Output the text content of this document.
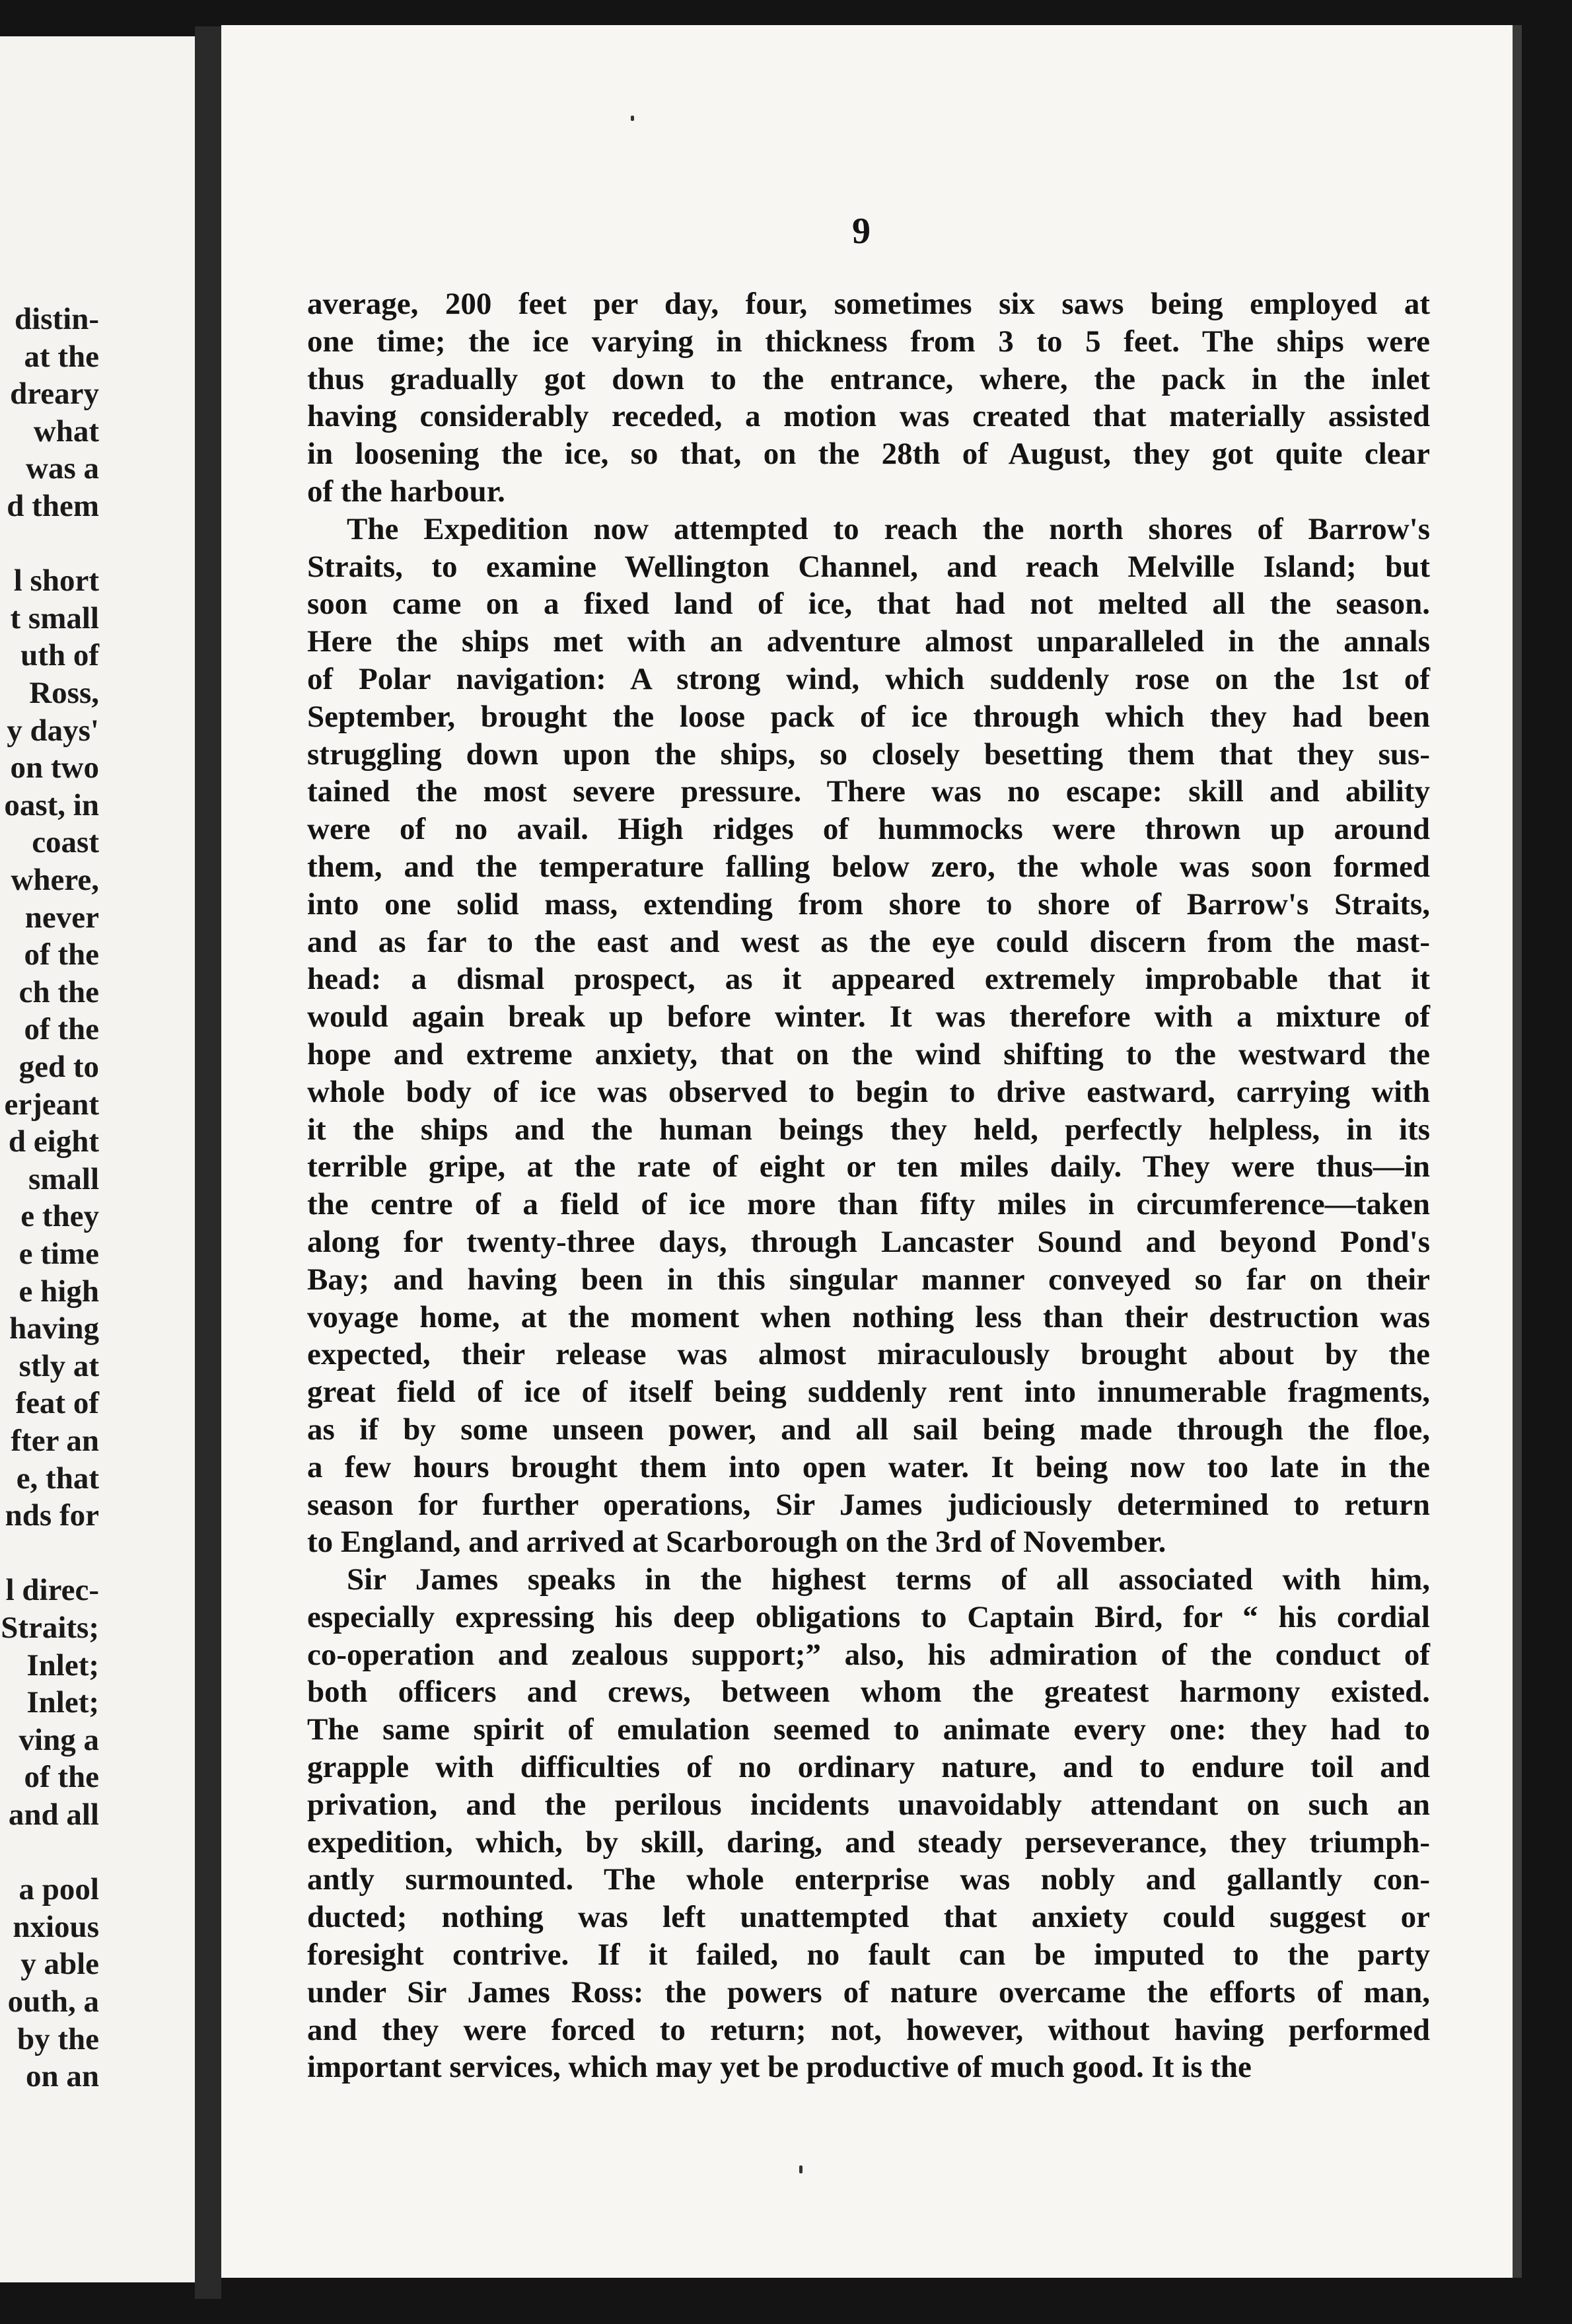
distin-
at the
dreary
what
was a
d them
l short
t small
uth of
Ross,
y days'
on two
oast, in
coast
where,
never
of the
ch the
of the
ged to
erjeant
d eight
small
e they
e time
e high
having
stly at
feat of
fter an
e, that
nds for
l direc-
Straits;
Inlet;
Inlet;
ving a
of the
and all
a pool
nxious
y able
outh, a
by the
on an
9
average, 200 feet per day, four, sometimes six saws being employed at
one time; the ice varying in thickness from 3 to 5 feet. The ships were
thus gradually got down to the entrance, where, the pack in the inlet
having considerably receded, a motion was created that materially assisted
in loosening the ice, so that, on the 28th of August, they got quite clear
of the harbour.
The Expedition now attempted to reach the north shores of Barrow's
Straits, to examine Wellington Channel, and reach Melville Island; but
soon came on a fixed land of ice, that had not melted all the season.
Here the ships met with an adventure almost unparalleled in the annals
of Polar navigation: A strong wind, which suddenly rose on the 1st of
September, brought the loose pack of ice through which they had been
struggling down upon the ships, so closely besetting them that they sus-
tained the most severe pressure. There was no escape: skill and ability
were of no avail. High ridges of hummocks were thrown up around
them, and the temperature falling below zero, the whole was soon formed
into one solid mass, extending from shore to shore of Barrow's Straits,
and as far to the east and west as the eye could discern from the mast-
head: a dismal prospect, as it appeared extremely improbable that it
would again break up before winter. It was therefore with a mixture of
hope and extreme anxiety, that on the wind shifting to the westward the
whole body of ice was observed to begin to drive eastward, carrying with
it the ships and the human beings they held, perfectly helpless, in its
terrible gripe, at the rate of eight or ten miles daily. They were thus—in
the centre of a field of ice more than fifty miles in circumference—taken
along for twenty-three days, through Lancaster Sound and beyond Pond's
Bay; and having been in this singular manner conveyed so far on their
voyage home, at the moment when nothing less than their destruction was
expected, their release was almost miraculously brought about by the
great field of ice of itself being suddenly rent into innumerable fragments,
as if by some unseen power, and all sail being made through the floe,
a few hours brought them into open water. It being now too late in the
season for further operations, Sir James judiciously determined to return
to England, and arrived at Scarborough on the 3rd of November.
Sir James speaks in the highest terms of all associated with him,
especially expressing his deep obligations to Captain Bird, for “ his cordial
co-operation and zealous support;” also, his admiration of the conduct of
both officers and crews, between whom the greatest harmony existed.
The same spirit of emulation seemed to animate every one: they had to
grapple with difficulties of no ordinary nature, and to endure toil and
privation, and the perilous incidents unavoidably attendant on such an
expedition, which, by skill, daring, and steady perseverance, they triumph-
antly surmounted. The whole enterprise was nobly and gallantly con-
ducted; nothing was left unattempted that anxiety could suggest or
foresight contrive. If it failed, no fault can be imputed to the party
under Sir James Ross: the powers of nature overcame the efforts of man,
and they were forced to return; not, however, without having performed
important services, which may yet be productive of much good. It is the
